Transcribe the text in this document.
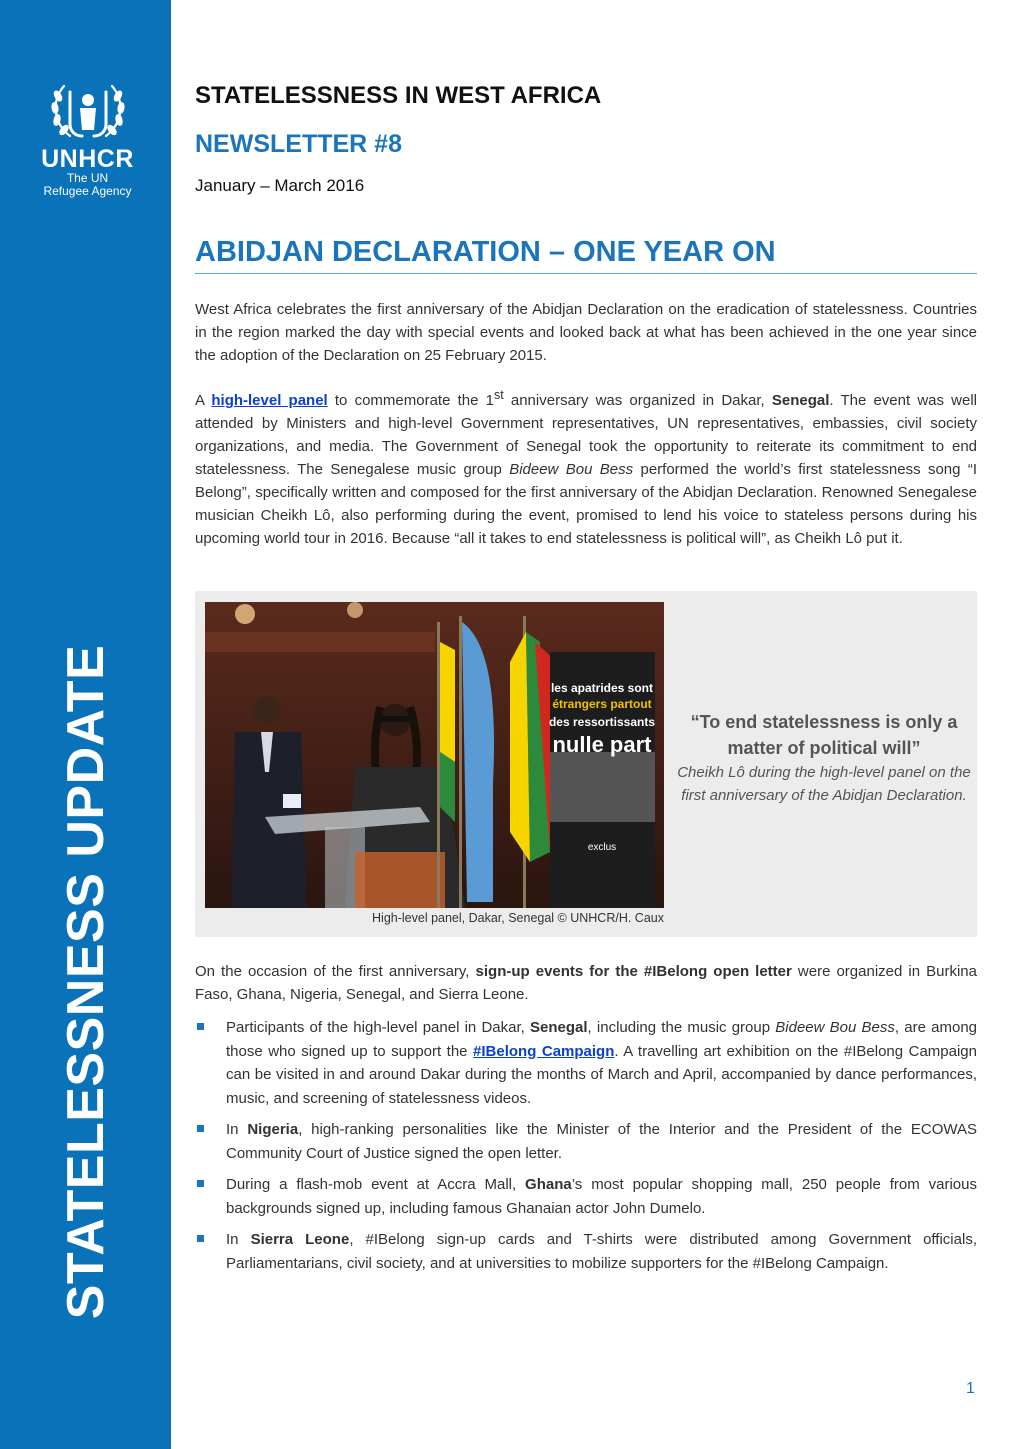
UNHCR
The UN
Refugee Agency
STATELESSNESS UPDATE
STATELESSNESS IN WEST AFRICA
NEWSLETTER #8
January – March 2016
ABIDJAN DECLARATION – ONE YEAR ON

West Africa celebrates the first anniversary of the Abidjan Declaration on the eradication of statelessness. Countries in the region marked the day with special events and looked back at what has been achieved in the one year since the adoption of the Declaration on 25 February 2015.

A high-level panel to commemorate the 1st anniversary was organized in Dakar, Senegal. The event was well attended by Ministers and high-level Government representatives, UN representatives, embassies, civil society organizations, and media. The Government of Senegal took the opportunity to reiterate its commitment to end statelessness. The Senegalese music group Bideew Bou Bess performed the world’s first statelessness song “I Belong”, specifically written and composed for the first anniversary of the Abidjan Declaration. Renowned Senegalese musician Cheikh Lô, also performing during the event, promised to lend his voice to stateless persons during his upcoming world tour in 2016. Because “all it takes to end statelessness is political will”, as Cheikh Lô put it.

On the occasion of the first anniversary, sign-up events for the #IBelong open letter were organized in Burkina Faso, Ghana, Nigeria, Senegal, and Sierra Leone.

Participants of the high-level panel in Dakar, Senegal, including the music group Bideew Bou Bess, are among those who signed up to support the #IBelong Campaign. A travelling art exhibition on the #IBelong Campaign can be visited in and around Dakar during the months of March and April, accompanied by dance performances, music, and screening of statelessness videos.
In Nigeria, high-ranking personalities like the Minister of the Interior and the President of the ECOWAS Community Court of Justice signed the open letter.
During a flash-mob event at Accra Mall, Ghana’s most popular shopping mall, 250 people from various backgrounds signed up, including famous Ghanaian actor John Dumelo.
In Sierra Leone, #IBelong sign-up cards and T-shirts were distributed among Government officials, Parliamentarians, civil society, and at universities to mobilize supporters for the #IBelong Campaign.
les apatrides sont
étrangers partout
des ressortissants
nulle part
exclus
High-level panel, Dakar, Senegal © UNHCR/H. Caux
“To end statelessness is only a matter of political will”
Cheikh Lô during the high-level panel on the first anniversary of the Abidjan Declaration.
1
